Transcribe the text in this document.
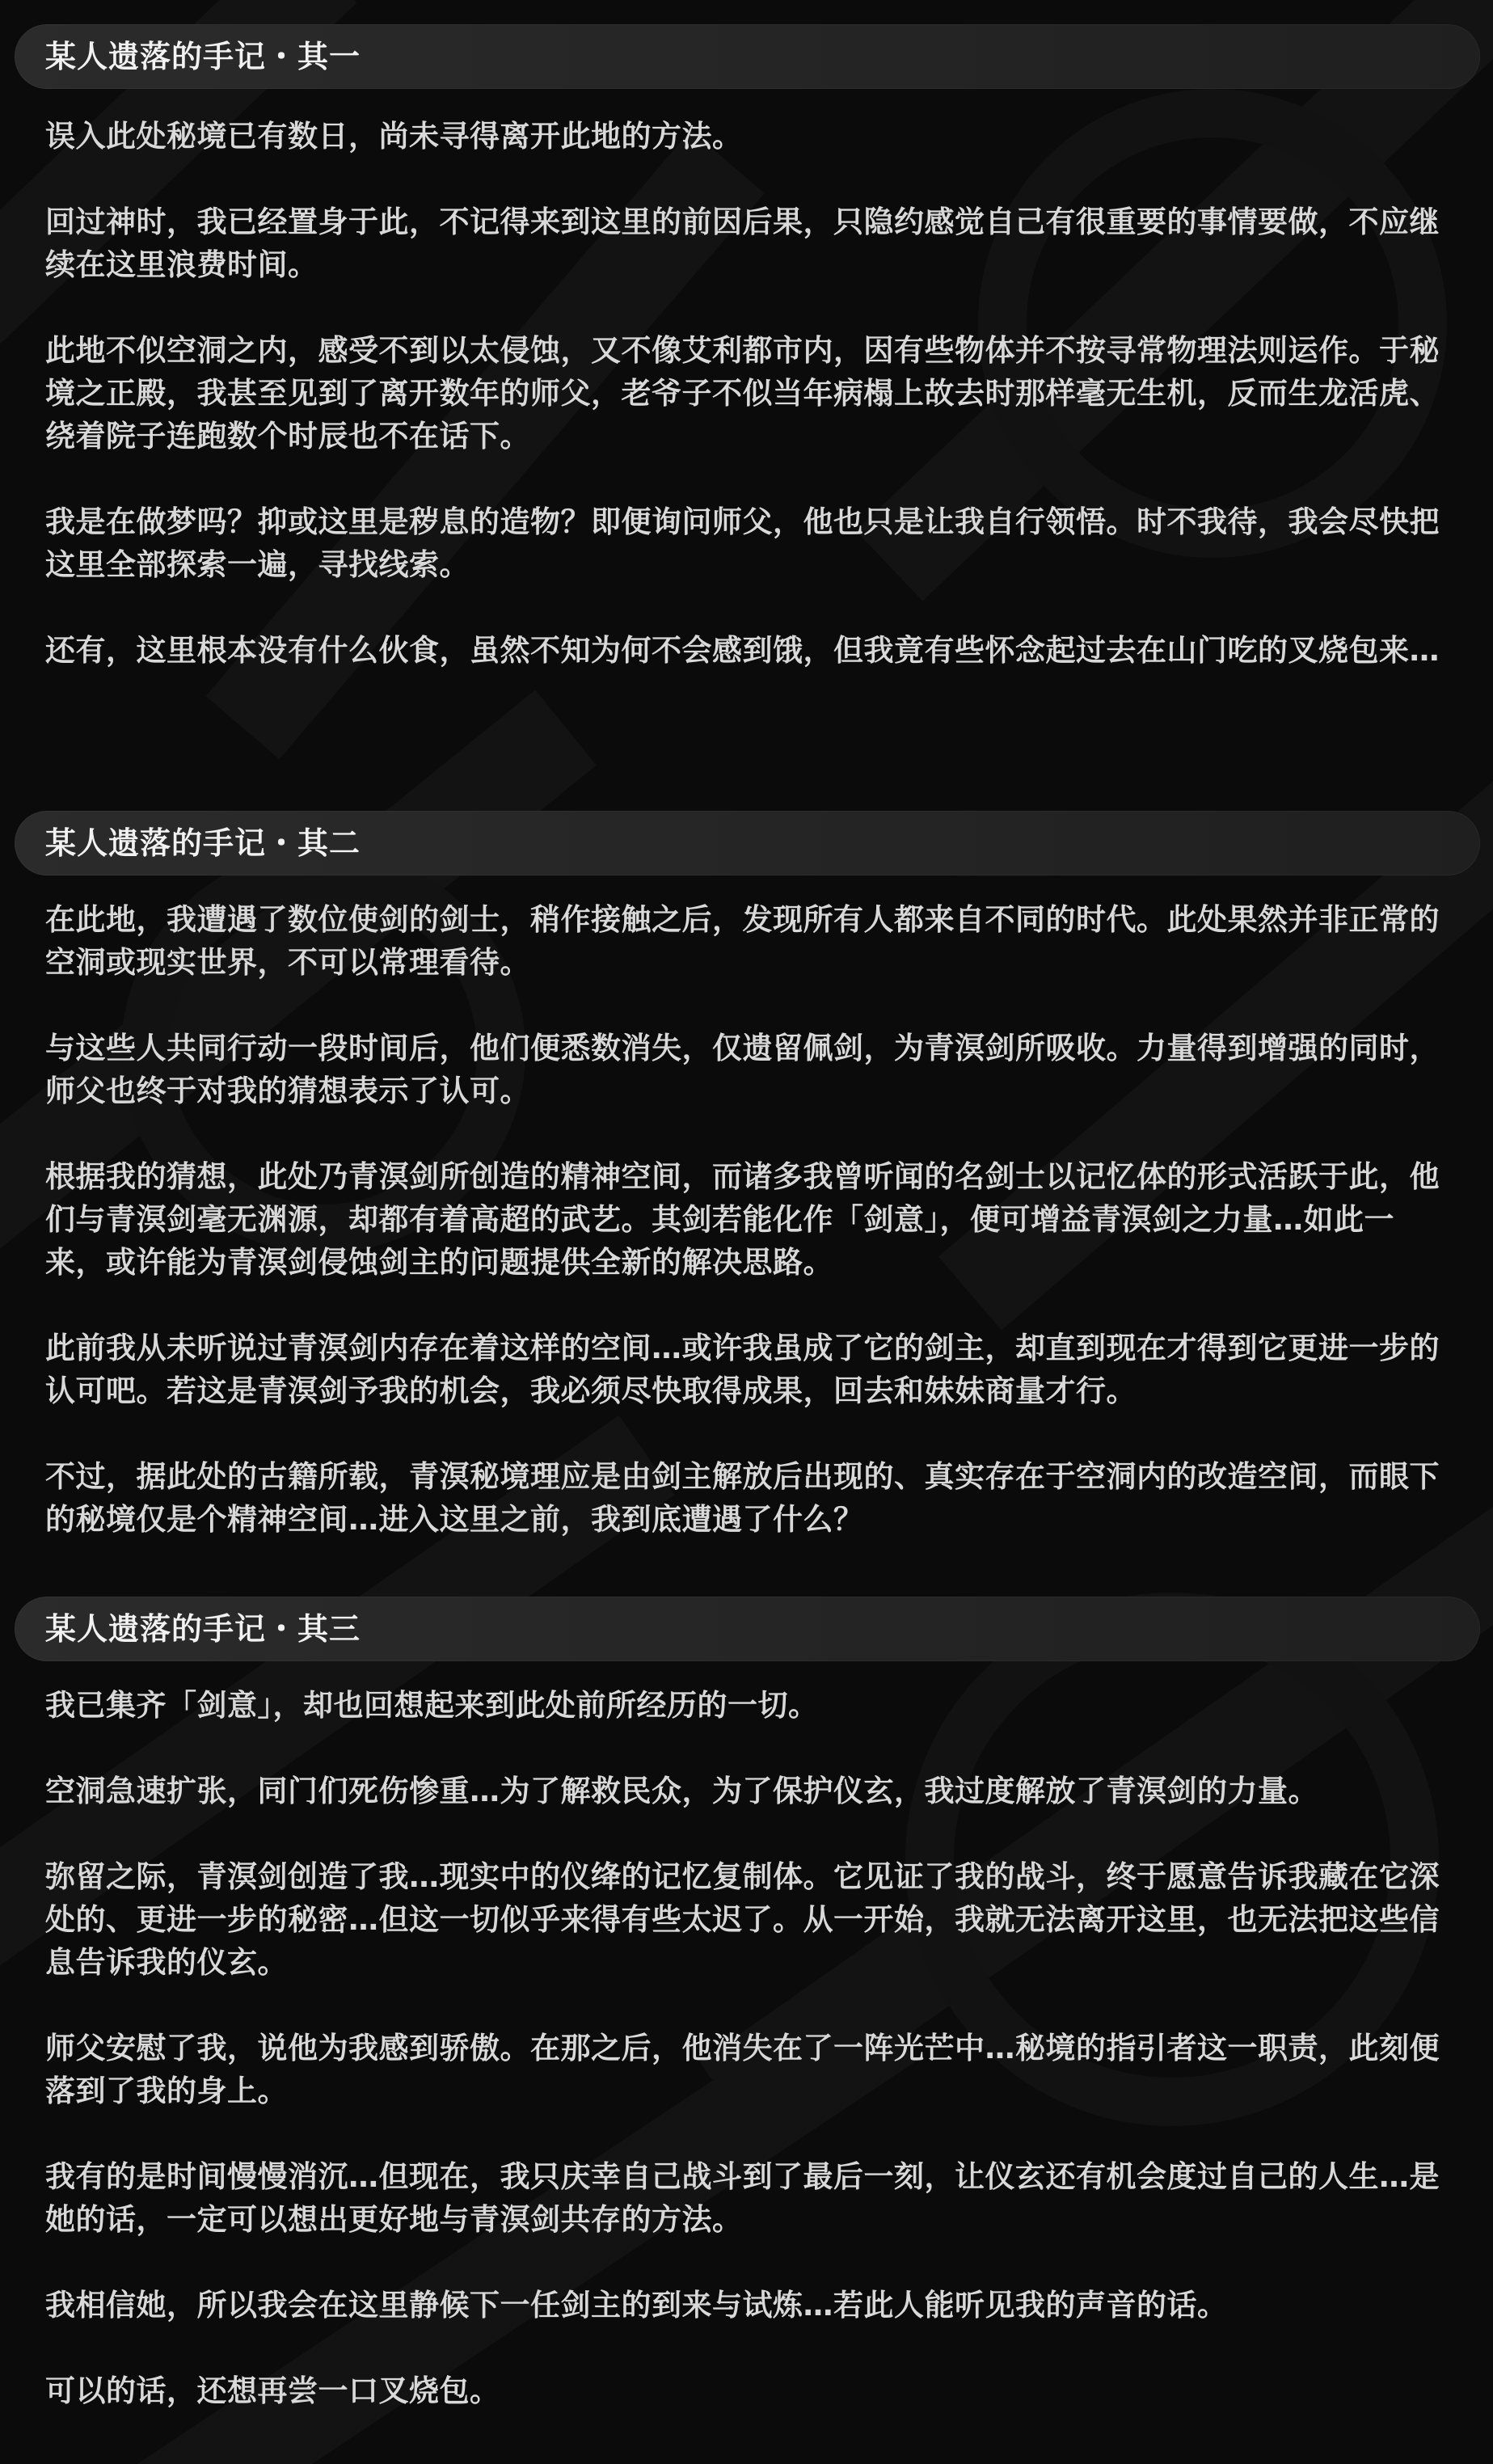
某人遗落的手记・其一

误入此处秘境已有数日，尚未寻得离开此地的方法。

回过神时，我已经置身于此，不记得来到这里的前因后果，只隐约感觉自己有很重要的事情要做，不应继续在这里浪费时间。

此地不似空洞之内，感受不到以太侵蚀，又不像艾利都市内，因有些物体并不按寻常物理法则运作。于秘境之正殿，我甚至见到了离开数年的师父，老爷子不似当年病榻上故去时那样毫无生机，反而生龙活虎、绕着院子连跑数个时辰也不在话下。

我是在做梦吗？抑或这里是秽息的造物？即便询问师父，他也只是让我自行领悟。时不我待，我会尽快把这里全部探索一遍，寻找线索。

还有，这里根本没有什么伙食，虽然不知为何不会感到饿，但我竟有些怀念起过去在山门吃的叉烧包来…

某人遗落的手记・其二

在此地，我遭遇了数位使剑的剑士，稍作接触之后，发现所有人都来自不同的时代。此处果然并非正常的空洞或现实世界，不可以常理看待。

与这些人共同行动一段时间后，他们便悉数消失，仅遗留佩剑，为青溟剑所吸收。力量得到增强的同时，师父也终于对我的猜想表示了认可。

根据我的猜想，此处乃青溟剑所创造的精神空间，而诸多我曾听闻的名剑士以记忆体的形式活跃于此，他们与青溟剑毫无渊源，却都有着高超的武艺。其剑若能化作「剑意」，便可增益青溟剑之力量…如此一来，或许能为青溟剑侵蚀剑主的问题提供全新的解决思路。

此前我从未听说过青溟剑内存在着这样的空间…或许我虽成了它的剑主，却直到现在才得到它更进一步的认可吧。若这是青溟剑予我的机会，我必须尽快取得成果，回去和妹妹商量才行。

不过，据此处的古籍所载，青溟秘境理应是由剑主解放后出现的、真实存在于空洞内的改造空间，而眼下的秘境仅是个精神空间…进入这里之前，我到底遭遇了什么？

某人遗落的手记・其三

我已集齐「剑意」，却也回想起来到此处前所经历的一切。

空洞急速扩张，同门们死伤惨重…为了解救民众，为了保护仪玄，我过度解放了青溟剑的力量。

弥留之际，青溟剑创造了我…现实中的仪绛的记忆复制体。它见证了我的战斗，终于愿意告诉我藏在它深处的、更进一步的秘密…但这一切似乎来得有些太迟了。从一开始，我就无法离开这里，也无法把这些信息告诉我的仪玄。

师父安慰了我，说他为我感到骄傲。在那之后，他消失在了一阵光芒中…秘境的指引者这一职责，此刻便落到了我的身上。

我有的是时间慢慢消沉…但现在，我只庆幸自己战斗到了最后一刻，让仪玄还有机会度过自己的人生…是她的话，一定可以想出更好地与青溟剑共存的方法。

我相信她，所以我会在这里静候下一任剑主的到来与试炼…若此人能听见我的声音的话。

可以的话，还想再尝一口叉烧包。
